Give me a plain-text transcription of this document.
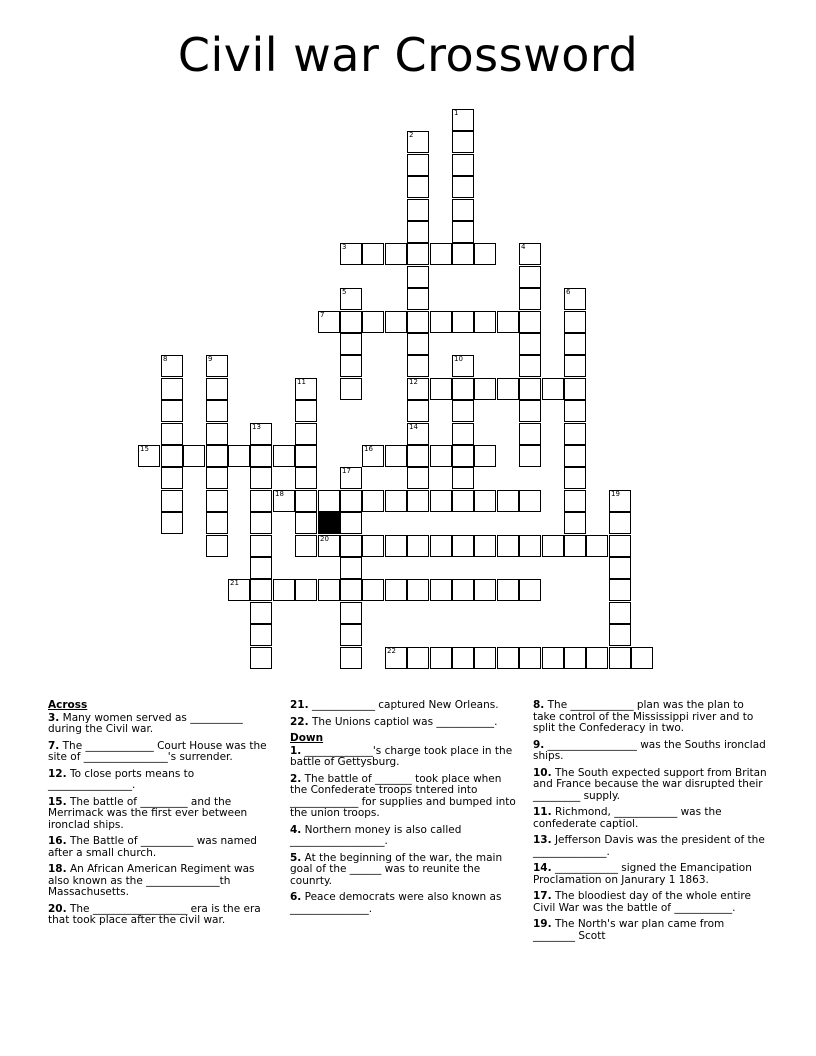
Civil war Crossword
1
2
12
14
3	4
5	6
7
8	9	10
11
13
15	16
17
18	19
20
21
22
Across
3. Many women served as __________ during the Civil war.
7. The _____________ Court House was the site of ________________'s surrender.
12. To close ports means to ________________.
15. The battle of _________ and the Merrimack was the first ever between ironclad ships.
16. The Battle of __________ was named after a small church.
18. An African American Regiment was also known as the ______________th Massachusetts.
20. The __________________ era is the era that took place after the civil war.
21. ____________ captured New Orleans.
22. The Unions captiol was ___________.
Down
1. _____________'s charge took place in the battle of Gettysburg.
2. The battle of _______ took place when the Confederate troops tntered into _____________ for supplies and bumped into the union troops.
4. Northern money is also called __________________.
5. At the beginning of the war, the main goal of the ______ was to reunite the counrty.
6. Peace democrats were also known as _______________.
8. The ____________ plan was the plan to take control of the Mississippi river and to split the Confederacy in two.
9. _________________ was the Souths ironclad ships.
10. The South expected support from Britan and France because the war disrupted their _________ supply.
11. Richmond, ____________ was the confederate captiol.
13. Jefferson Davis was the president of the ______________.
14. ____________ signed the Emancipation Proclamation on Janurary 1 1863.
17. The bloodiest day of the whole entire Civil War was the battle of ___________.
19. The North's war plan came from ________ Scott
